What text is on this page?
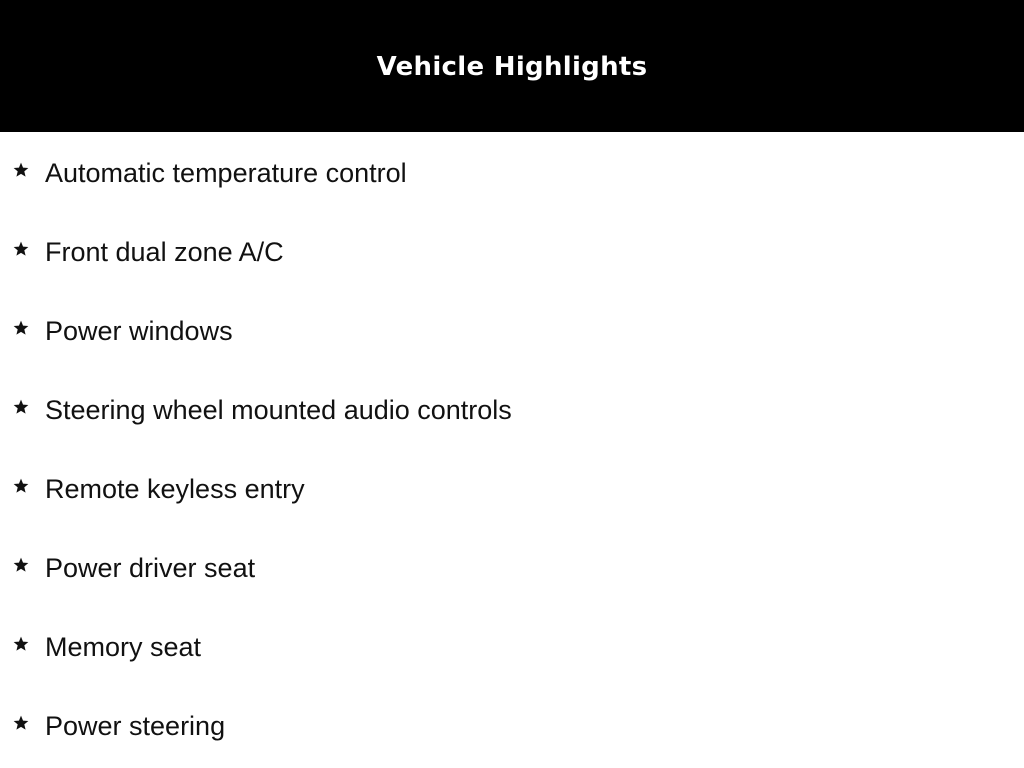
Vehicle Highlights
Automatic temperature control
Front dual zone A/C
Power windows
Steering wheel mounted audio controls
Remote keyless entry
Power driver seat
Memory seat
Power steering
